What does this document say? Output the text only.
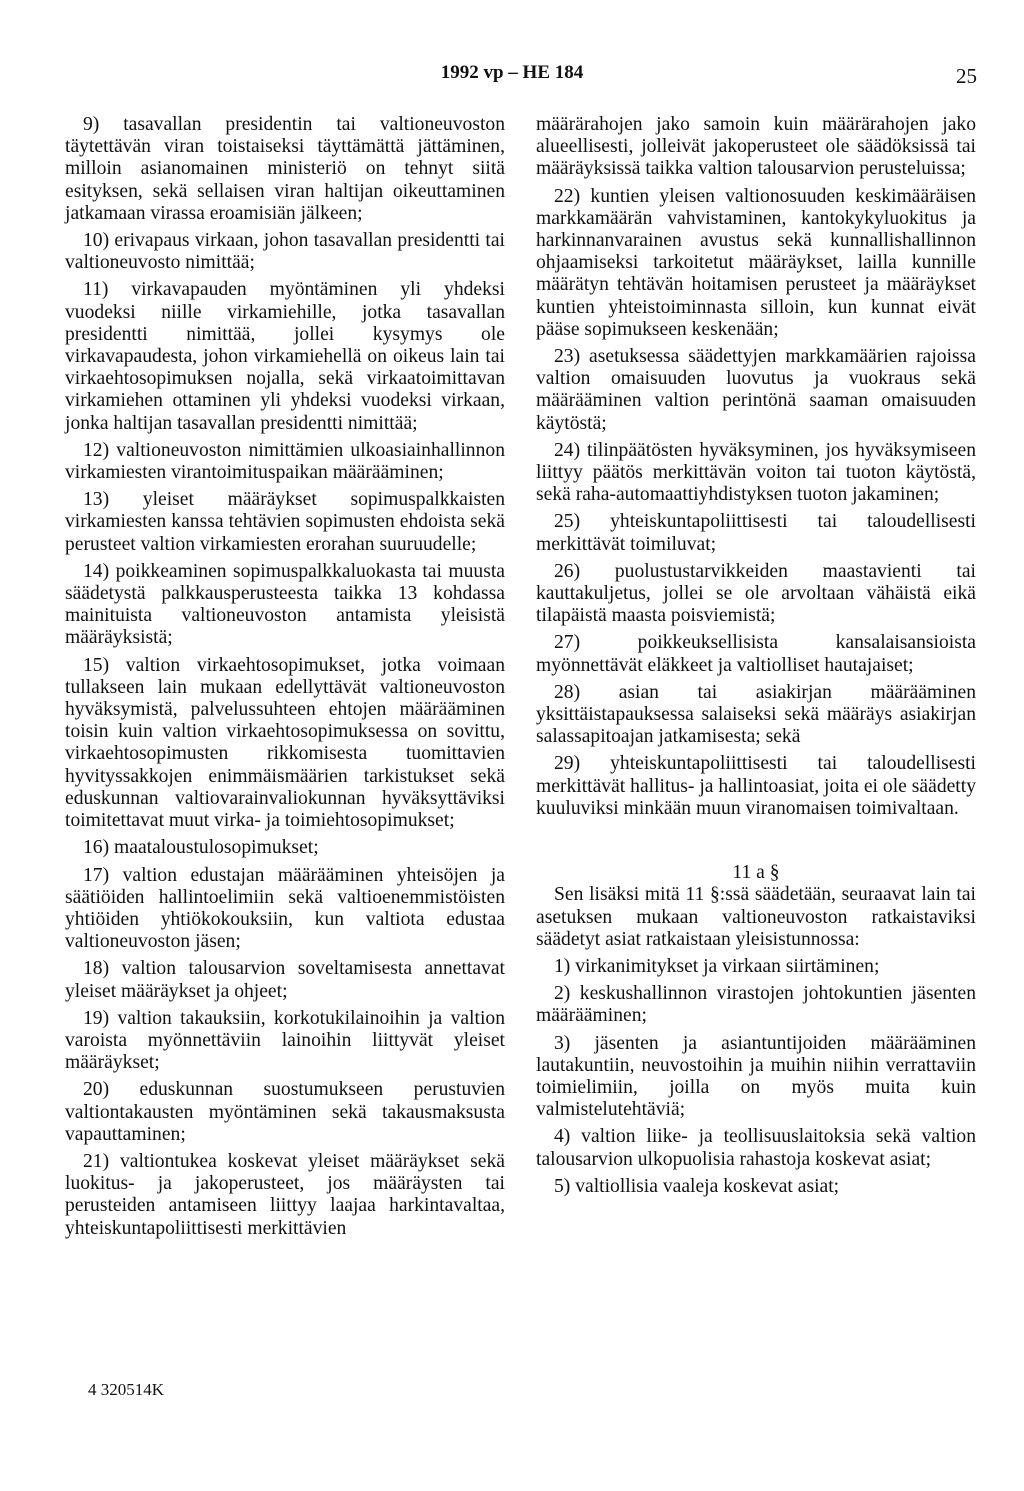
1992 vp – HE 184	25

9) tasavallan presidentin tai valtioneuvoston täytettävän viran toistaiseksi täyttämättä jättäminen, milloin asianomainen ministeriö on tehnyt siitä esityksen, sekä sellaisen viran haltijan oikeuttaminen jatkamaan virassa eroamisiän jälkeen;

10) erivapaus virkaan, johon tasavallan presidentti tai valtioneuvosto nimittää;

11) virkavapauden myöntäminen yli yhdeksi vuodeksi niille virkamiehille, jotka tasavallan presidentti nimittää, jollei kysymys ole virkavapaudesta, johon virkamiehellä on oikeus lain tai virkaehtosopimuksen nojalla, sekä virkaatoimittavan virkamiehen ottaminen yli yhdeksi vuodeksi virkaan, jonka haltijan tasavallan presidentti nimittää;

12) valtioneuvoston nimittämien ulkoasiainhallinnon virkamiesten virantoimituspaikan määrääminen;

13) yleiset määräykset sopimuspalkkaisten virkamiesten kanssa tehtävien sopimusten ehdoista sekä perusteet valtion virkamiesten erorahan suuruudelle;

14) poikkeaminen sopimuspalkkaluokasta tai muusta säädetystä palkkausperusteesta taikka 13 kohdassa mainituista valtioneuvoston antamista yleisistä määräyksistä;

15) valtion virkaehtosopimukset, jotka voimaan tullakseen lain mukaan edellyttävät valtioneuvoston hyväksymistä, palvelussuhteen ehtojen määrääminen toisin kuin valtion virkaehtosopimuksessa on sovittu, virkaehtosopimusten rikkomisesta tuomittavien hyvityssakkojen enimmäismäärien tarkistukset sekä eduskunnan valtiovarainvaliokunnan hyväksyttäviksi toimitettavat muut virka- ja toimiehtosopimukset;

16) maataloustulosopimukset;

17) valtion edustajan määrääminen yhteisöjen ja säätiöiden hallintoelimiin sekä valtioenemmistöisten yhtiöiden yhtiökokouksiin, kun valtiota edustaa valtioneuvoston jäsen;

18) valtion talousarvion soveltamisesta annettavat yleiset määräykset ja ohjeet;

19) valtion takauksiin, korkotukilainoihin ja valtion varoista myönnettäviin lainoihin liittyvät yleiset määräykset;

20) eduskunnan suostumukseen perustuvien valtiontakausten myöntäminen sekä takausmaksusta vapauttaminen;

21) valtiontukea koskevat yleiset määräykset sekä luokitus- ja jakoperusteet, jos määräysten tai perusteiden antamiseen liittyy laajaa harkintavaltaa, yhteiskuntapoliittisesti merkittävien

määrärahojen jako samoin kuin määrärahojen jako alueellisesti, jolleivät jakoperusteet ole säädöksissä tai määräyksissä taikka valtion talousarvion perusteluissa;

22) kuntien yleisen valtionosuuden keskimääräisen markkamäärän vahvistaminen, kantokykyluokitus ja harkinnanvarainen avustus sekä kunnallishallinnon ohjaamiseksi tarkoitetut määräykset, lailla kunnille määrätyn tehtävän hoitamisen perusteet ja määräykset kuntien yhteistoiminnasta silloin, kun kunnat eivät pääse sopimukseen keskenään;

23) asetuksessa säädettyjen markkamäärien rajoissa valtion omaisuuden luovutus ja vuokraus sekä määrääminen valtion perintönä saaman omaisuuden käytöstä;

24) tilinpäätösten hyväksyminen, jos hyväksymiseen liittyy päätös merkittävän voiton tai tuoton käytöstä, sekä raha-automaattiyhdistyksen tuoton jakaminen;

25) yhteiskuntapoliittisesti tai taloudellisesti merkittävät toimiluvat;

26) puolustustarvikkeiden maastavienti tai kauttakuljetus, jollei se ole arvoltaan vähäistä eikä tilapäistä maasta poisviemistä;

27) poikkeuksellisista kansalaisansioista myönnettävät eläkkeet ja valtiolliset hautajaiset;

28) asian tai asiakirjan määrääminen yksittäistapauksessa salaiseksi sekä määräys asiakirjan salassapitoajan jatkamisesta; sekä

29) yhteiskuntapoliittisesti tai taloudellisesti merkittävät hallitus- ja hallintoasiat, joita ei ole säädetty kuuluviksi minkään muun viranomaisen toimivaltaan.

11 a §

Sen lisäksi mitä 11 §:ssä säädetään, seuraavat lain tai asetuksen mukaan valtioneuvoston ratkaistaviksi säädetyt asiat ratkaistaan yleisistunnossa:

1) virkanimitykset ja virkaan siirtäminen;

2) keskushallinnon virastojen johtokuntien jäsenten määrääminen;

3) jäsenten ja asiantuntijoiden määrääminen lautakuntiin, neuvostoihin ja muihin niihin verrattaviin toimielimiin, joilla on myös muita kuin valmistelutehtäviä;

4) valtion liike- ja teollisuuslaitoksia sekä valtion talousarvion ulkopuolisia rahastoja koskevat asiat;

5) valtiollisia vaaleja koskevat asiat;

4 320514K
